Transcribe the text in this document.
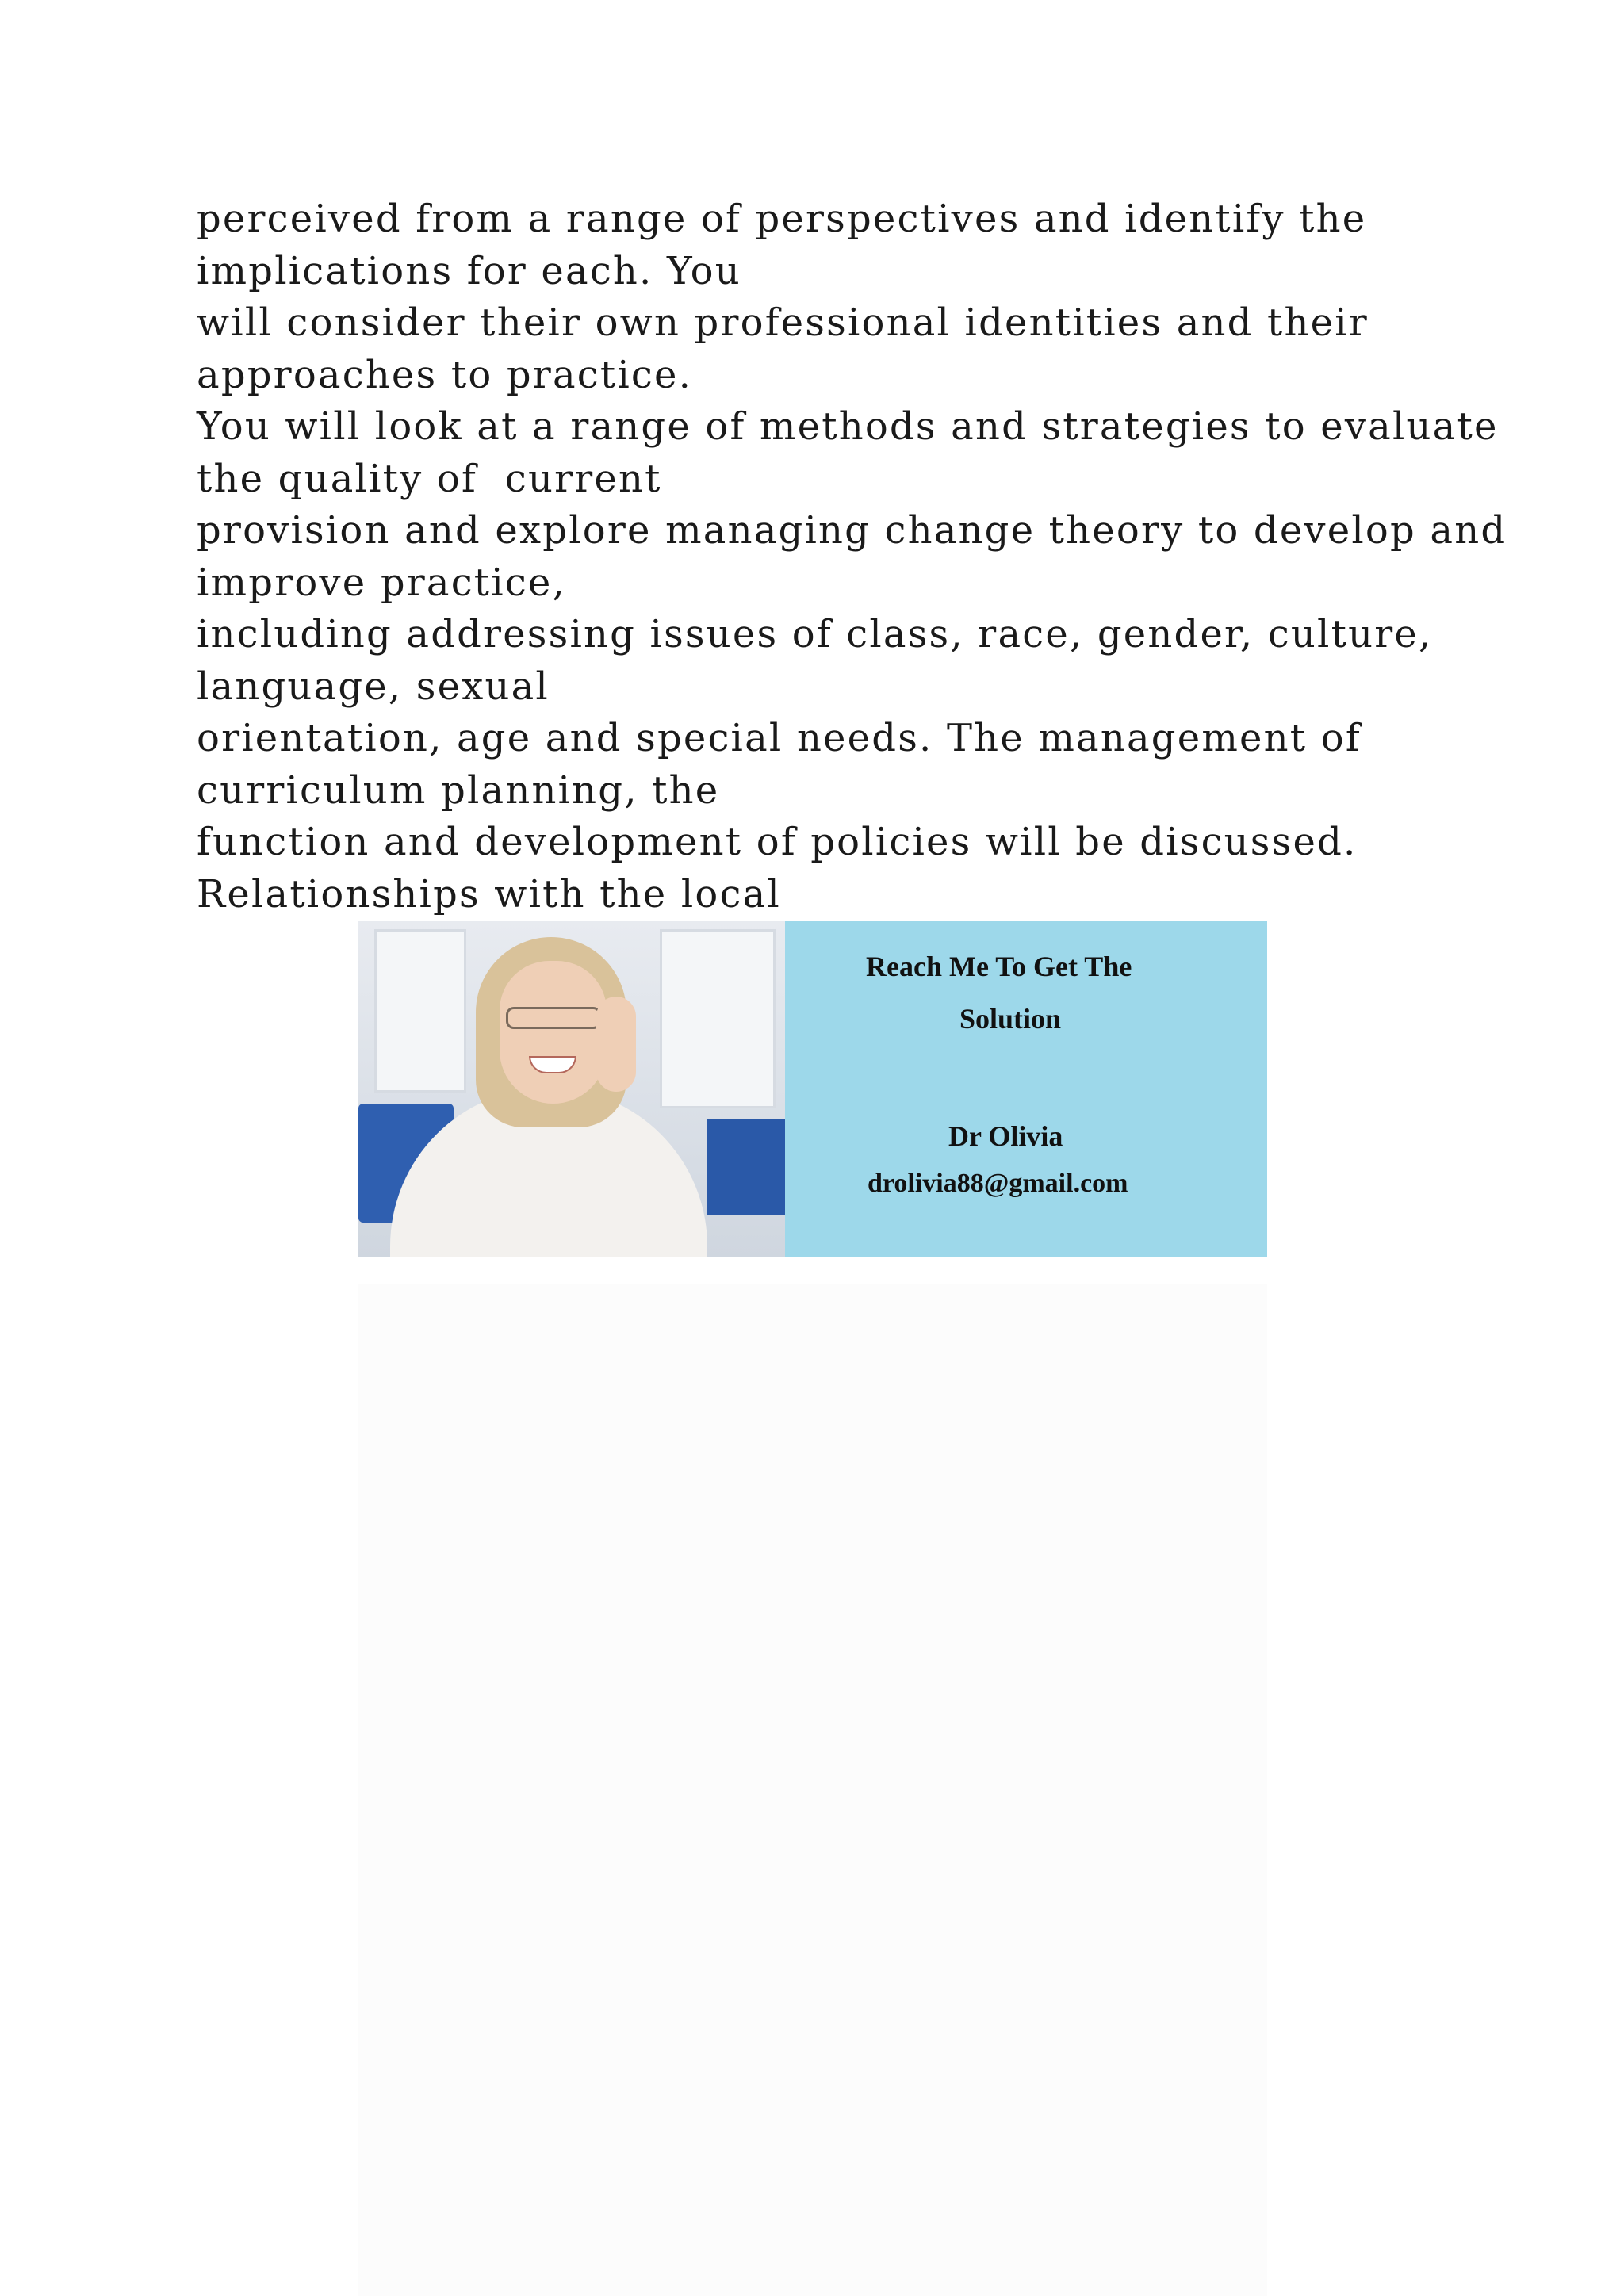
perceived from a range of perspectives and identify the
implications for each. You
will consider their own professional identities and their
approaches to practice.
You will look at a range of methods and strategies to evaluate
the quality of  current
provision and explore managing change theory to develop and
improve practice,
including addressing issues of class, race, gender, culture,
language, sexual
orientation, age and special needs. The management of
curriculum planning, the
function and development of policies will be discussed.
Relationships with the local
Reach Me To Get The
Solution
Dr Olivia
drolivia88@gmail.com
